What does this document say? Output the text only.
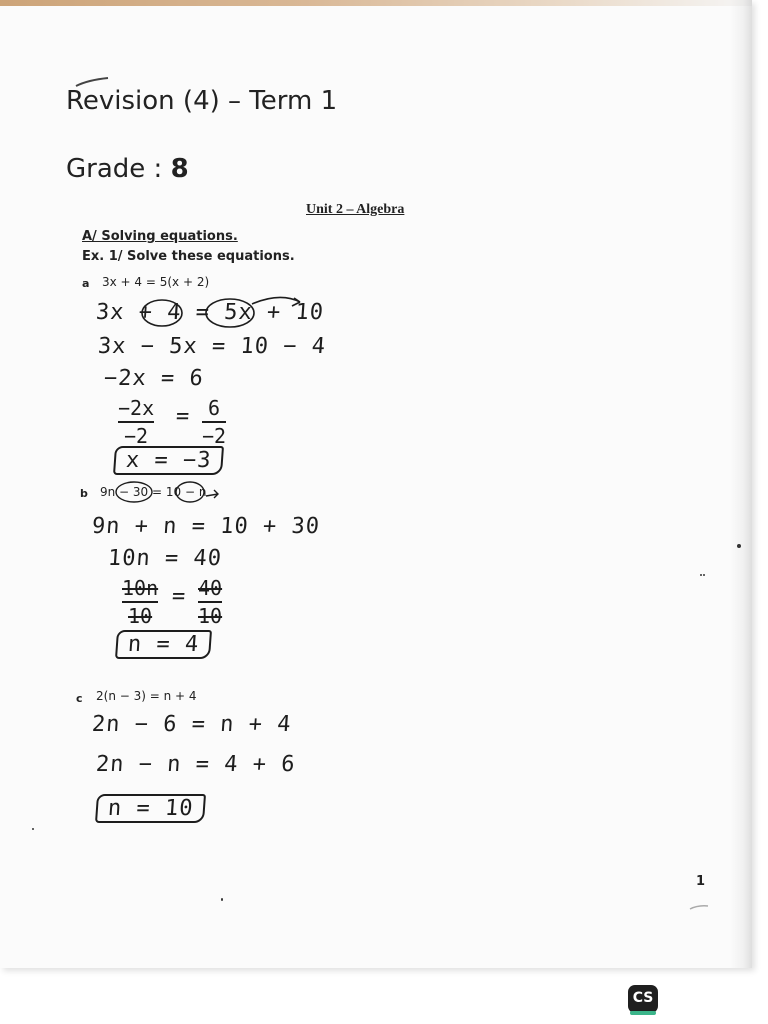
Revision (4) – Term 1
Grade : 8
Unit 2 – Algebra
A/ Solving equations.
Ex. 1/ Solve these equations.
a 3x + 4 = 5(x + 2)
3x + 4 = 5x + 10
3x − 5x = 10 − 4
−2x = 6
−2x
−2
= 6
−2
x = −3
b 9n − 30 = 10 − n
9n + n = 10 + 30
10n = 40
10n
10
= 40
10
n = 4
c 2(n − 3) = n + 4
2n − 6 = n + 4
2n − n = 4 + 6
n = 10
1
CS
